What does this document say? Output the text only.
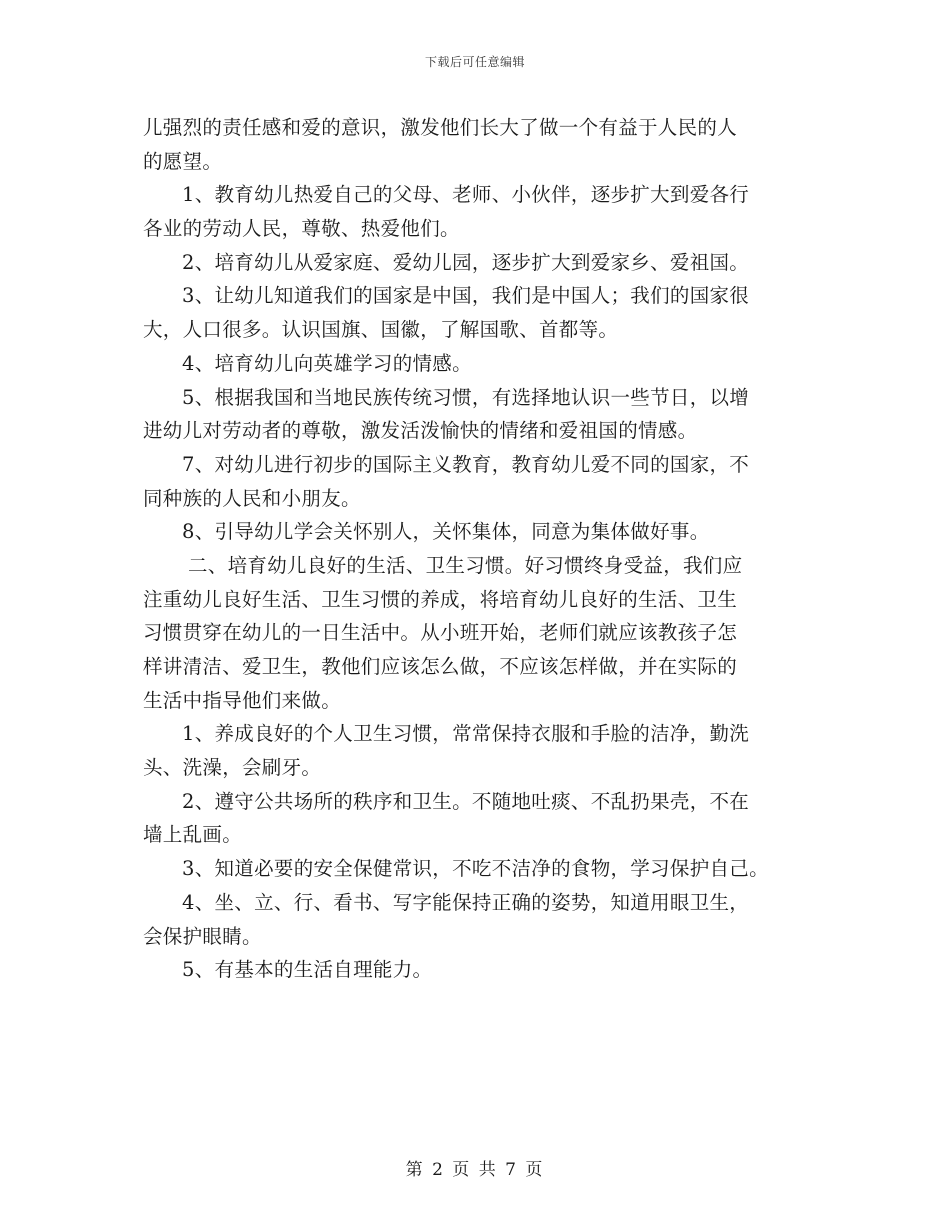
下载后可任意编辑
儿强烈的责任感和爱的意识，激发他们长大了做一个有益于人民的人
的愿望。
1、教育幼儿热爱自己的父母、老师、小伙伴，逐步扩大到爱各行
各业的劳动人民，尊敬、热爱他们。
2、培育幼儿从爱家庭、爱幼儿园，逐步扩大到爱家乡、爱祖国。
3、让幼儿知道我们的国家是中国，我们是中国人；我们的国家很
大，人口很多。认识国旗、国徽，了解国歌、首都等。
4、培育幼儿向英雄学习的情感。
5、根据我国和当地民族传统习惯，有选择地认识一些节日，以增
进幼儿对劳动者的尊敬，激发活泼愉快的情绪和爱祖国的情感。
7、对幼儿进行初步的国际主义教育，教育幼儿爱不同的国家，不
同种族的人民和小朋友。
8、引导幼儿学会关怀别人，关怀集体，同意为集体做好事。
二、培育幼儿良好的生活、卫生习惯。好习惯终身受益，我们应
注重幼儿良好生活、卫生习惯的养成，将培育幼儿良好的生活、卫生
习惯贯穿在幼儿的一日生活中。从小班开始，老师们就应该教孩子怎
样讲清洁、爱卫生，教他们应该怎么做，不应该怎样做，并在实际的
生活中指导他们来做。
1、养成良好的个人卫生习惯，常常保持衣服和手脸的洁净，勤洗
头、洗澡，会刷牙。
2、遵守公共场所的秩序和卫生。不随地吐痰、不乱扔果壳，不在
墙上乱画。
3、知道必要的安全保健常识，不吃不洁净的食物，学习保护自己。
4、坐、立、行、看书、写字能保持正确的姿势，知道用眼卫生，
会保护眼睛。
5、有基本的生活自理能力。
第 2 页 共 7 页
